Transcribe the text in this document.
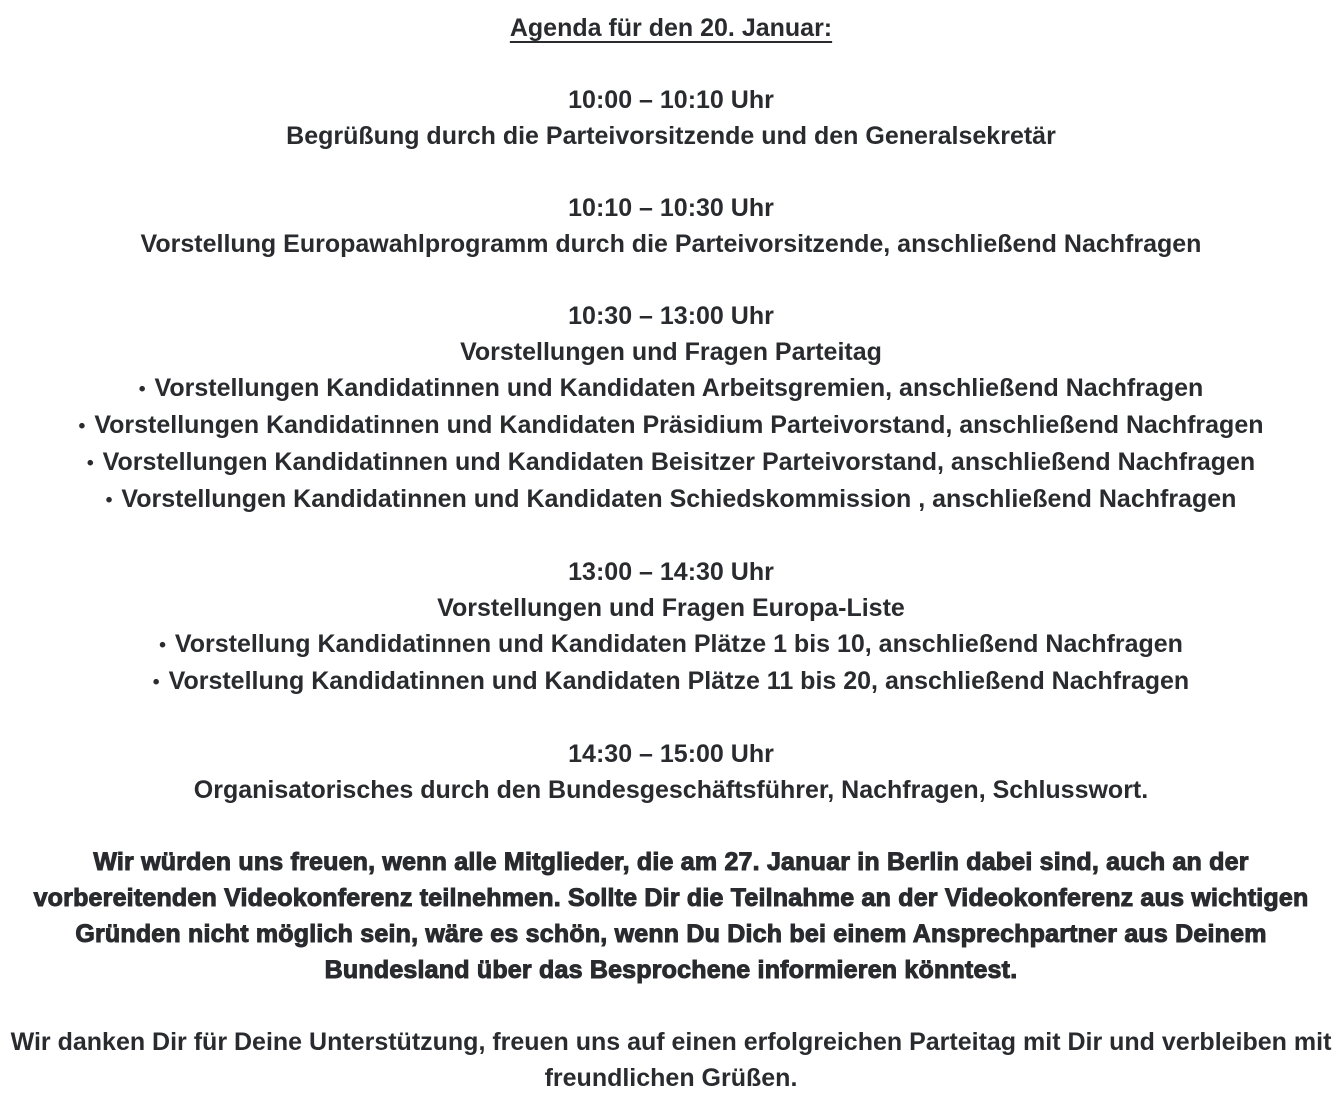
Agenda für den 20. Januar:
10:00 – 10:10 Uhr
Begrüßung durch die Parteivorsitzende und den Generalsekretär
10:10 – 10:30 Uhr
Vorstellung Europawahlprogramm durch die Parteivorsitzende, anschließend Nachfragen
10:30 – 13:00 Uhr
Vorstellungen und Fragen Parteitag
• Vorstellungen Kandidatinnen und Kandidaten Arbeitsgremien, anschließend Nachfragen
• Vorstellungen Kandidatinnen und Kandidaten Präsidium Parteivorstand, anschließend Nachfragen
• Vorstellungen Kandidatinnen und Kandidaten Beisitzer Parteivorstand, anschließend Nachfragen
• Vorstellungen Kandidatinnen und Kandidaten Schiedskommission , anschließend Nachfragen
13:00 – 14:30 Uhr
Vorstellungen und Fragen Europa-Liste
• Vorstellung Kandidatinnen und Kandidaten Plätze 1 bis 10, anschließend Nachfragen
• Vorstellung Kandidatinnen und Kandidaten Plätze 11 bis 20, anschließend Nachfragen
14:30 – 15:00 Uhr
Organisatorisches durch den Bundesgeschäftsführer, Nachfragen, Schlusswort.

Wir würden uns freuen, wenn alle Mitglieder, die am 27. Januar in Berlin dabei sind, auch an der vorbereitenden Videokonferenz teilnehmen. Sollte Dir die Teilnahme an der Videokonferenz aus wichtigen Gründen nicht möglich sein, wäre es schön, wenn Du Dich bei einem Ansprechpartner aus Deinem Bundesland über das Besprochene informieren könntest.

Wir danken Dir für Deine Unterstützung, freuen uns auf einen erfolgreichen Parteitag mit Dir und verbleiben mit freundlichen Grüßen.
